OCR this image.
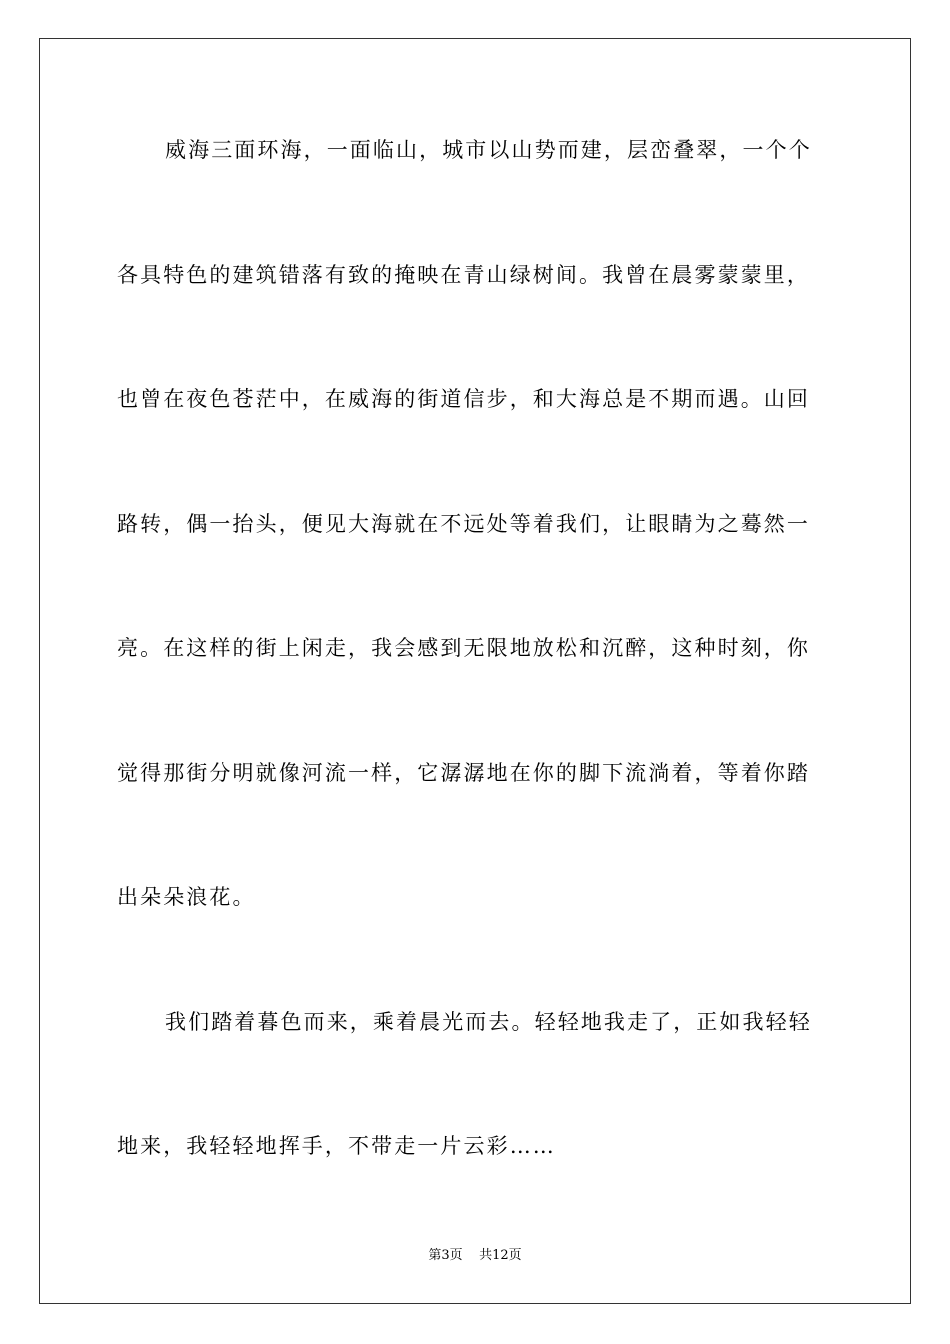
威海三面环海，一面临山，城市以山势而建，层峦叠翠，一个个
各具特色的建筑错落有致的掩映在青山绿树间。我曾在晨雾蒙蒙里，
也曾在夜色苍茫中，在威海的街道信步，和大海总是不期而遇。山回
路转，偶一抬头，便见大海就在不远处等着我们，让眼睛为之蓦然一
亮。在这样的街上闲走，我会感到无限地放松和沉醉，这种时刻，你
觉得那街分明就像河流一样，它潺潺地在你的脚下流淌着，等着你踏
出朵朵浪花。
我们踏着暮色而来，乘着晨光而去。轻轻地我走了，正如我轻轻
地来，我轻轻地挥手，不带走一片云彩……
第3页 共12页
